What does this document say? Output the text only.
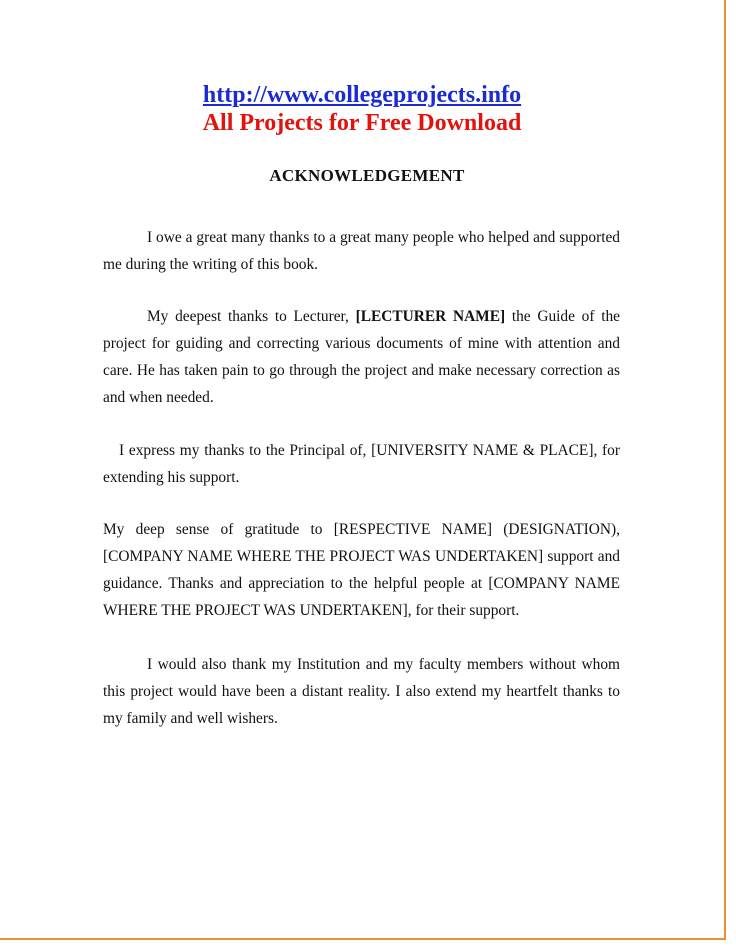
http://www.collegeprojects.info
All Projects for Free Download
ACKNOWLEDGEMENT

I owe a great many thanks to a great many people who helped and supported me during the writing of this book.

My deepest thanks to Lecturer, [LECTURER NAME] the Guide of the project for guiding and correcting various documents of mine with attention and care. He has taken pain to go through the project and make necessary correction as and when needed.

I express my thanks to the Principal of, [UNIVERSITY NAME & PLACE], for extending his support.

My deep sense of gratitude to [RESPECTIVE NAME] (DESIGNATION), [COMPANY NAME WHERE THE PROJECT WAS UNDERTAKEN] support and guidance. Thanks and appreciation to the helpful people at [COMPANY NAME WHERE THE PROJECT WAS UNDERTAKEN], for their support.

I would also thank my Institution and my faculty members without whom this project would have been a distant reality. I also extend my heartfelt thanks to my family and well wishers.
